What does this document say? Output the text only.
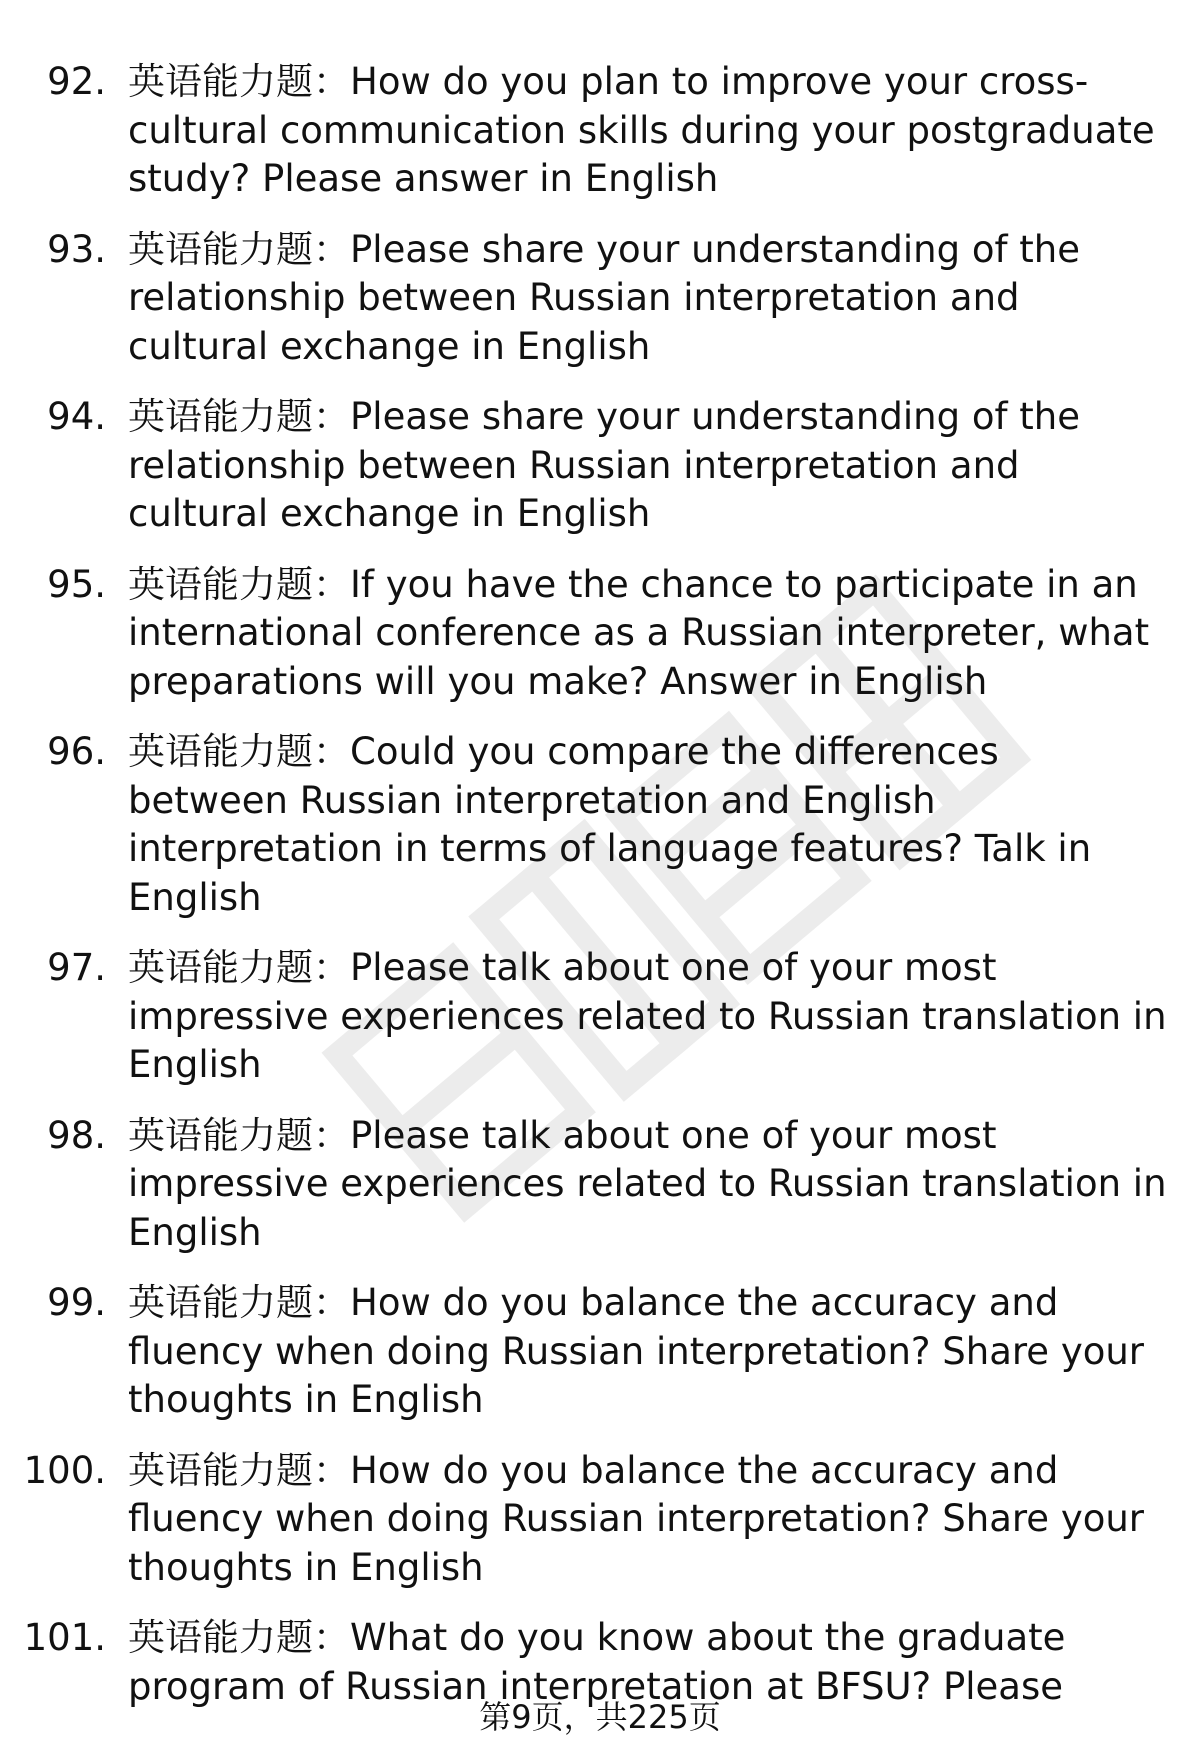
92. 英语能力题：How do you plan to improve your cross-cultural communication skills during your postgraduate study? Please answer in English
93. 英语能力题：Please share your understanding of the relationship between Russian interpretation and cultural exchange in English
94. 英语能力题：Please share your understanding of the relationship between Russian interpretation and cultural exchange in English
95. 英语能力题：If you have the chance to participate in an international conference as a Russian interpreter, what preparations will you make? Answer in English
96. 英语能力题：Could you compare the differences between Russian interpretation and English interpretation in terms of language features? Talk in English
97. 英语能力题：Please talk about one of your most impressive experiences related to Russian translation in English
98. 英语能力题：Please talk about one of your most impressive experiences related to Russian translation in English
99. 英语能力题：How do you balance the accuracy and fluency when doing Russian interpretation? Share your thoughts in English
100. 英语能力题：How do you balance the accuracy and fluency when doing Russian interpretation? Share your thoughts in English
101. 英语能力题：What do you know about the graduate program of Russian interpretation at BFSU? Please
第9页，共225页
